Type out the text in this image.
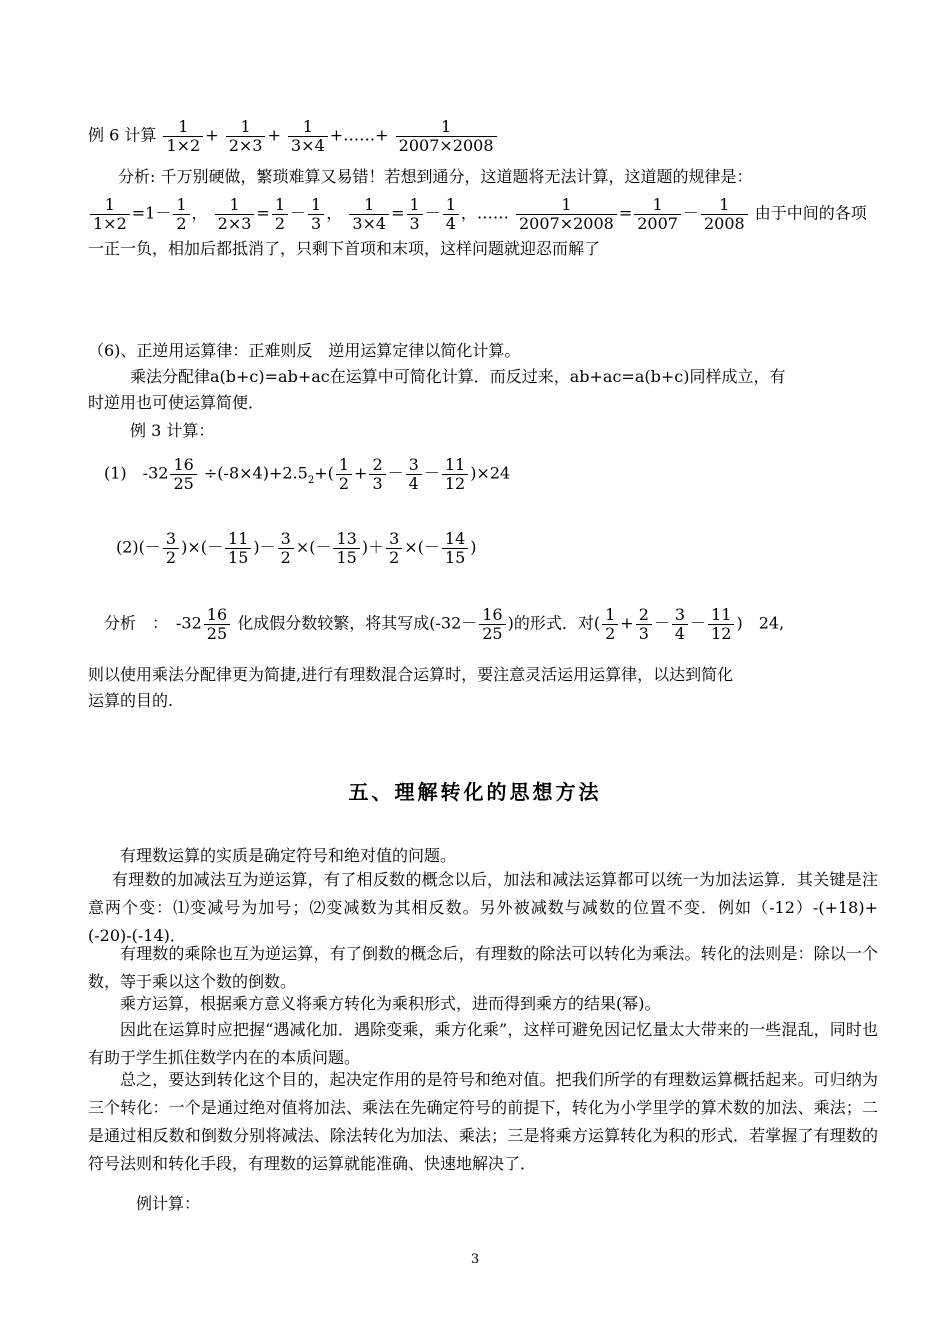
例 6 计算 $\frac{1}{1\times 2} + \frac{1}{2\times 3} + \frac{1}{3\times 4}$ +……+ $\frac{1}{2007\times 2008}$
分析: 千万别硬做，繁琐难算又易错！若想到通分，这道题将无法计算，这道题的规律是：
$\frac{1}{1\times 2} =1- \frac{1}{2}$ ， $\frac{1}{2\times 3} = \frac{1}{2} - \frac{1}{3}$ ， $\frac{1}{3\times 4} = \frac{1}{3} - \frac{1}{4}$ ，…… $\frac{1}{2007\times 2008} = \frac{1}{2007} - \frac{1}{2008}$ 由于中间的各项
一正一负，相加后都抵消了，只剩下首项和末项，这样问题就迎忍而解了
（6)、正逆用运算律：正难则反　逆用运算定律以简化计算。
乘法分配律a(b+c)=ab+ac在运算中可简化计算．而反过来，ab+ac=a(b+c)同样成立，有
时逆用也可使运算简便．
例 3 计算：
(1)　$-32 \frac{16}{25} \div(-8\times 4)+2.5_2+( \frac{1}{2} + \frac{2}{3} - \frac{3}{4} - \frac{11}{12} )\times 24$
$(2)(- \frac{3}{2}$ )×(－ $\frac{11}{15}$ )－ $\frac{3}{2}$ ×(－ $\frac{13}{15}$ )＋ $\frac{3}{2}$ ×(－ $\frac{14}{15}$ )
分析　：　$-32 \frac{16}{25}$ 化成假分数较繁，将其写成($-32- \frac{16}{25}$ )的形式．对( $\frac{1}{2} + \frac{2}{3} - \frac{3}{4} - \frac{11}{12}$ )　24,
则以使用乘法分配律更为简捷,进行有理数混合运算时，要注意灵活运用运算律，以达到简化
运算的目的.
五、理解转化的思想方法
有理数运算的实质是确定符号和绝对值的问题。
有理数的加减法互为逆运算，有了相反数的概念以后，加法和减法运算都可以统一为加法运算．其关键是注意两个变：⑴变减号为加号；⑵变减数为其相反数。另外被减数与减数的位置不变．例如（-12）-(+18)+(-20)-(-14)．
有理数的乘除也互为逆运算，有了倒数的概念后，有理数的除法可以转化为乘法。转化的法则是：除以一个数，等于乘以这个数的倒数。
乘方运算，根据乘方意义将乘方转化为乘积形式，进而得到乘方的结果(幂)。
因此在运算时应把握“遇减化加．遇除变乘，乘方化乘”，这样可避免因记忆量太大带来的一些混乱，同时也有助于学生抓住数学内在的本质问题。
总之，要达到转化这个目的，起决定作用的是符号和绝对值。把我们所学的有理数运算概括起来。可归纳为三个转化：一个是通过绝对值将加法、乘法在先确定符号的前提下，转化为小学里学的算术数的加法、乘法；二是通过相反数和倒数分别将减法、除法转化为加法、乘法；三是将乘方运算转化为积的形式．若掌握了有理数的符号法则和转化手段，有理数的运算就能准确、快速地解决了．
例计算：
3
